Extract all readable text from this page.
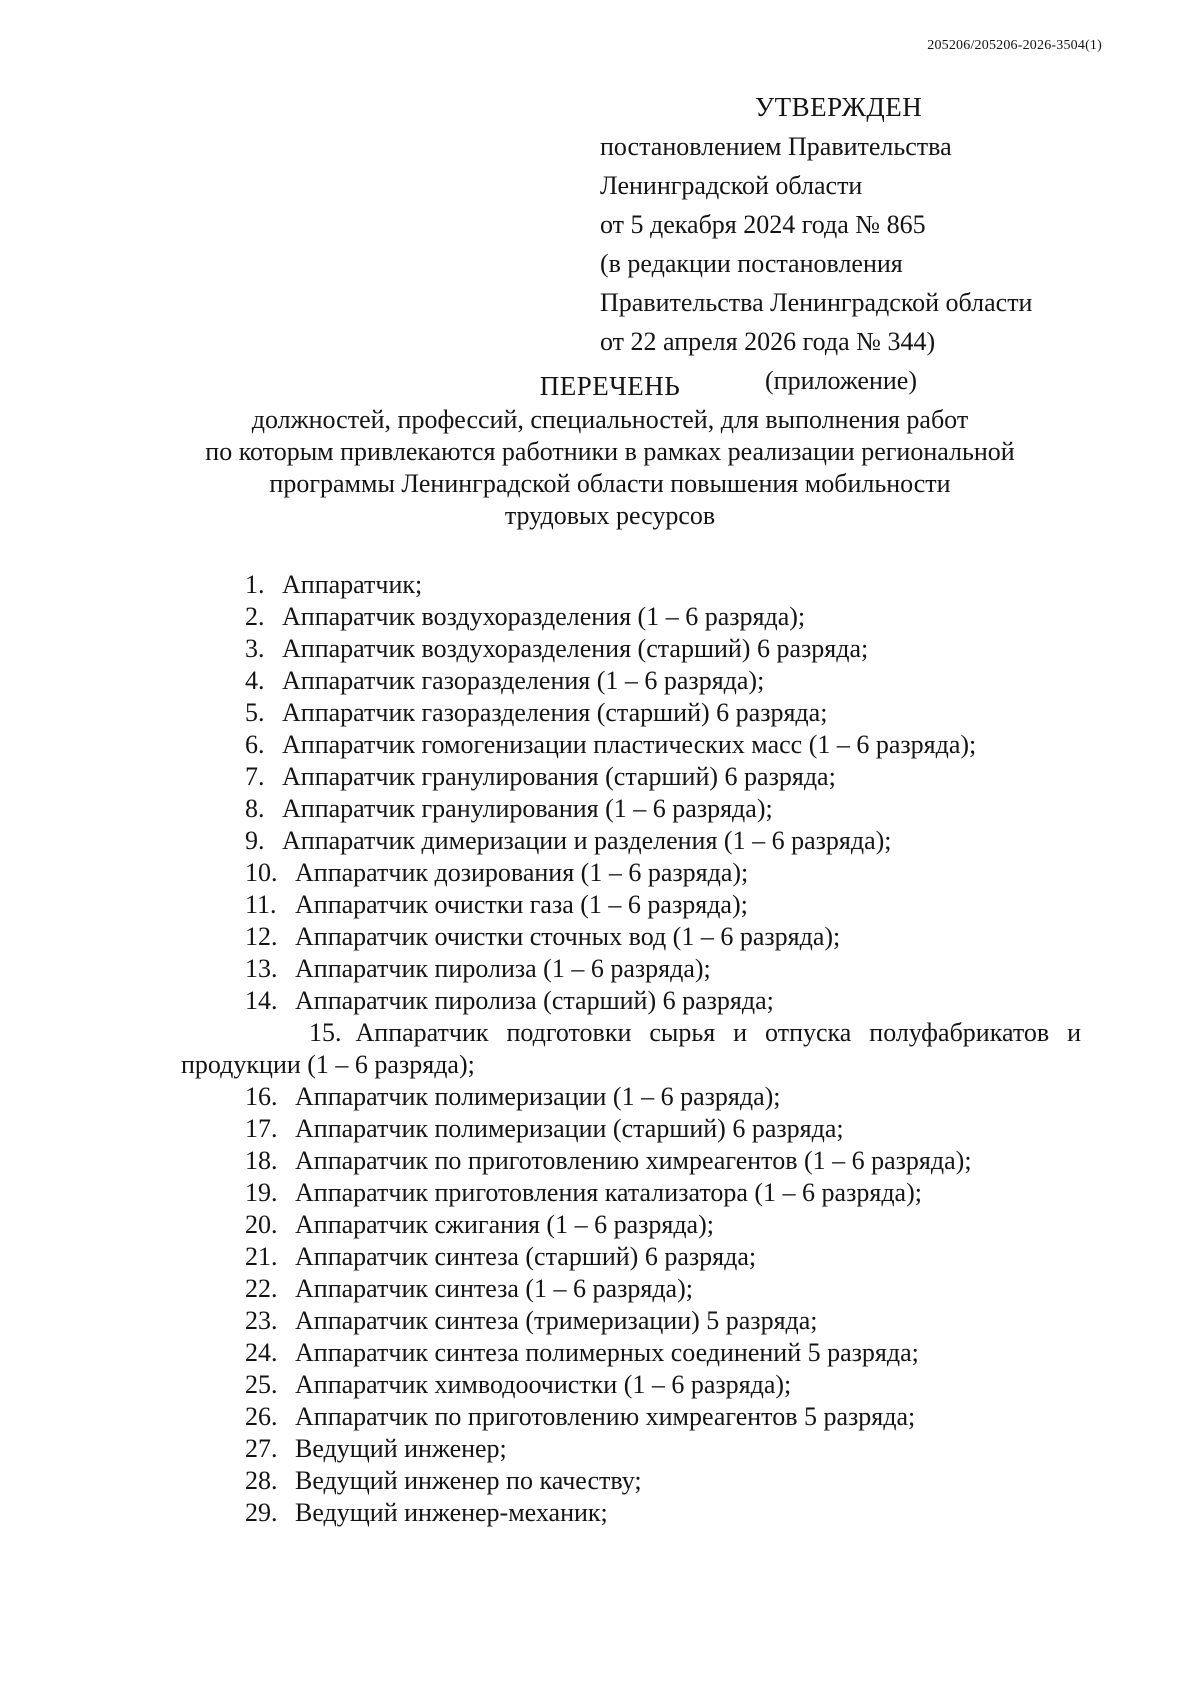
205206/205206-2026-3504(1)
УТВЕРЖДЕН
постановлением Правительства
Ленинградской области
от 5 декабря 2024 года № 865
(в редакции постановления
Правительства Ленинградской области
от 22 апреля 2026 года № 344)
(приложение)
ПЕРЕЧЕНЬ
должностей, профессий, специальностей, для выполнения работ
по которым привлекаются работники в рамках реализации региональной
программы Ленинградской области повышения мобильности
трудовых ресурсов
1. Аппаратчик;
2. Аппаратчик воздухоразделения (1 – 6 разряда);
3. Аппаратчик воздухоразделения (старший) 6 разряда;
4. Аппаратчик газоразделения (1 – 6 разряда);
5. Аппаратчик газоразделения (старший) 6 разряда;
6. Аппаратчик гомогенизации пластических масс (1 – 6 разряда);
7. Аппаратчик гранулирования (старший) 6 разряда;
8. Аппаратчик гранулирования (1 – 6 разряда);
9. Аппаратчик димеризации и разделения (1 – 6 разряда);
10. Аппаратчик дозирования (1 – 6 разряда);
11. Аппаратчик очистки газа (1 – 6 разряда);
12. Аппаратчик очистки сточных вод (1 – 6 разряда);
13. Аппаратчик пиролиза (1 – 6 разряда);
14. Аппаратчик пиролиза (старший) 6 разряда;
15. Аппаратчик подготовки сырья и отпуска полуфабрикатов и продукции (1 – 6 разряда);
16. Аппаратчик полимеризации (1 – 6 разряда);
17. Аппаратчик полимеризации (старший) 6 разряда;
18. Аппаратчик по приготовлению химреагентов (1 – 6 разряда);
19. Аппаратчик приготовления катализатора (1 – 6 разряда);
20. Аппаратчик сжигания (1 – 6 разряда);
21. Аппаратчик синтеза (старший) 6 разряда;
22. Аппаратчик синтеза (1 – 6 разряда);
23. Аппаратчик синтеза (тримеризации) 5 разряда;
24. Аппаратчик синтеза полимерных соединений 5 разряда;
25. Аппаратчик химводоочистки (1 – 6 разряда);
26. Аппаратчик по приготовлению химреагентов 5 разряда;
27. Ведущий инженер;
28. Ведущий инженер по качеству;
29. Ведущий инженер-механик;
